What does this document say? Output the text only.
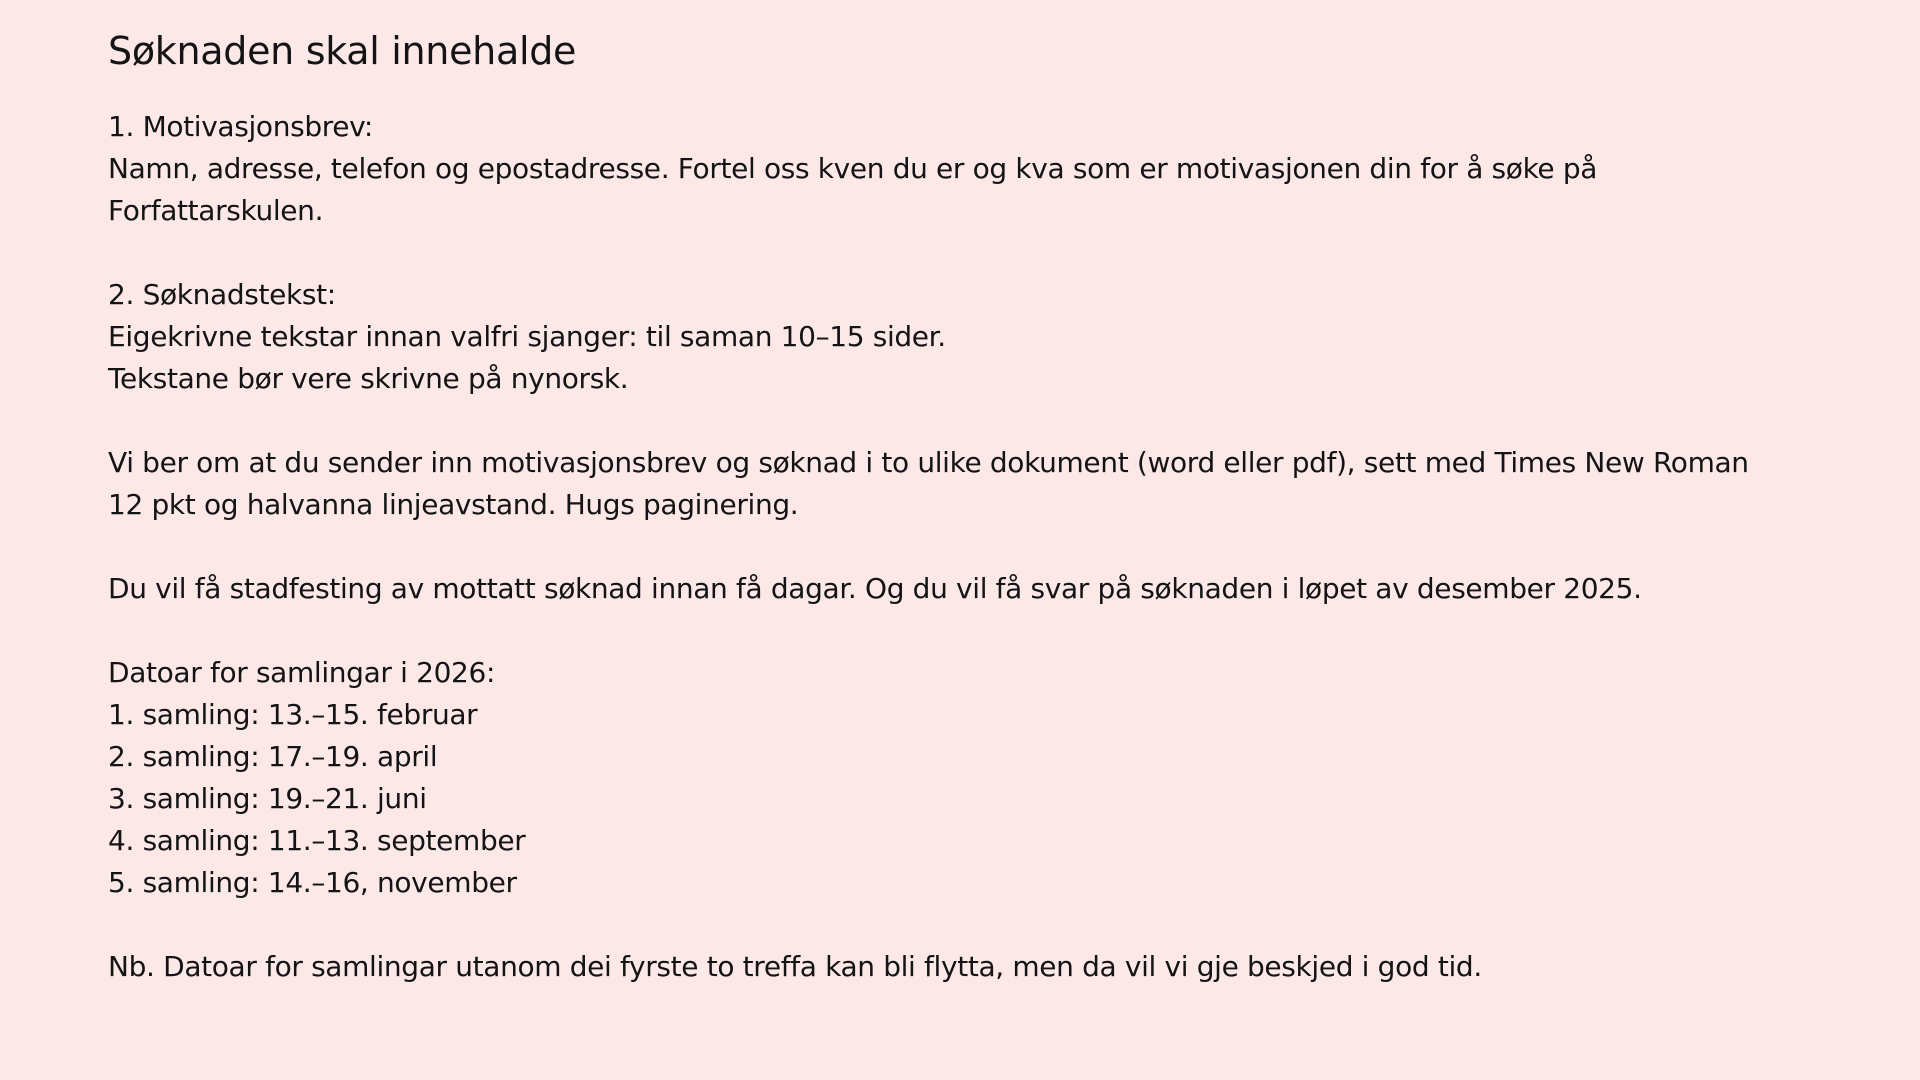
Søknaden skal innehalde

1. Motivasjonsbrev:
Namn, adresse, telefon og epostadresse. Fortel oss kven du er og kva som er motivasjonen din for å søke på
Forfattarskulen.

2. Søknadstekst:
Eigekrivne tekstar innan valfri sjanger: til saman 10–15 sider.
Tekstane bør vere skrivne på nynorsk.

Vi ber om at du sender inn motivasjonsbrev og søknad i to ulike dokument (word eller pdf), sett med Times New Roman
12 pkt og halvanna linjeavstand. Hugs paginering.

Du vil få stadfesting av mottatt søknad innan få dagar. Og du vil få svar på søknaden i løpet av desember 2025.

Datoar for samlingar i 2026:
1. samling: 13.–15. februar
2. samling: 17.–19. april
3. samling: 19.–21. juni
4. samling: 11.–13. september
5. samling: 14.–16, november

Nb. Datoar for samlingar utanom dei fyrste to treffa kan bli flytta, men da vil vi gje beskjed i god tid.
